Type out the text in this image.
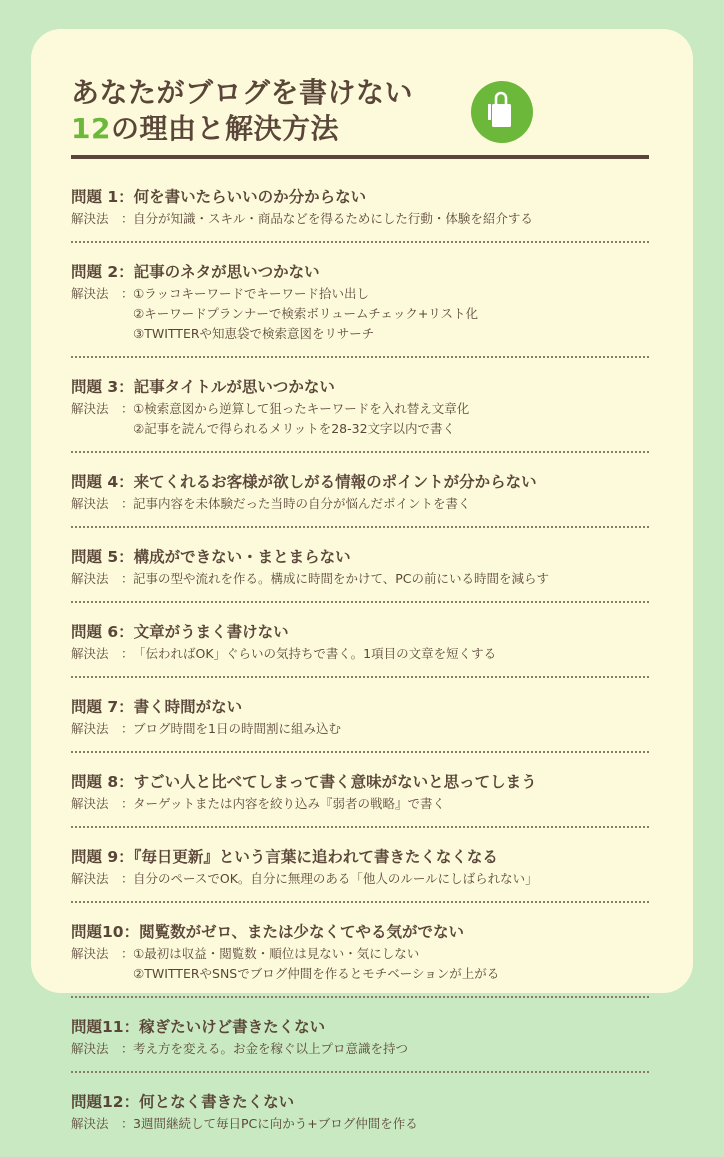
あなたがブログを書けない
12の理由と解決方法
問題 1：何を書いたらいいのか分からない
解決法　： 自分が知識・スキル・商品などを得るためにした行動・体験を紹介する
問題 2：記事のネタが思いつかない
解決法　： ①ラッコキーワードでキーワード拾い出し
②キーワードプランナーで検索ボリュームチェック+リスト化
③TWITTERや知恵袋で検索意図をリサーチ
問題 3：記事タイトルが思いつかない
解決法　： ①検索意図から逆算して狙ったキーワードを入れ替え文章化
②記事を読んで得られるメリットを28-32文字以内で書く
問題 4：来てくれるお客様が欲しがる情報のポイントが分からない
解決法　： 記事内容を未体験だった当時の自分が悩んだポイントを書く
問題 5：構成ができない・まとまらない
解決法　： 記事の型や流れを作る。構成に時間をかけて、PCの前にいる時間を減らす
問題 6：文章がうまく書けない
解決法　： 「伝わればOK」ぐらいの気持ちで書く。1項目の文章を短くする
問題 7：書く時間がない
解決法　： ブログ時間を1日の時間割に組み込む
問題 8：すごい人と比べてしまって書く意味がないと思ってしまう
解決法　： ターゲットまたは内容を絞り込み『弱者の戦略』で書く
問題 9：『毎日更新』という言葉に追われて書きたくなくなる
解決法　： 自分のペースでOK。自分に無理のある「他人のルールにしばられない」
問題10：閲覧数がゼロ、または少なくてやる気がでない
解決法　： ①最初は収益・閲覧数・順位は見ない・気にしない
②TWITTERやSNSでブログ仲間を作るとモチベーションが上がる
問題11：稼ぎたいけど書きたくない
解決法　： 考え方を変える。お金を稼ぐ以上プロ意識を持つ
問題12：何となく書きたくない
解決法　： 3週間継続して毎日PCに向かう+ブログ仲間を作る
